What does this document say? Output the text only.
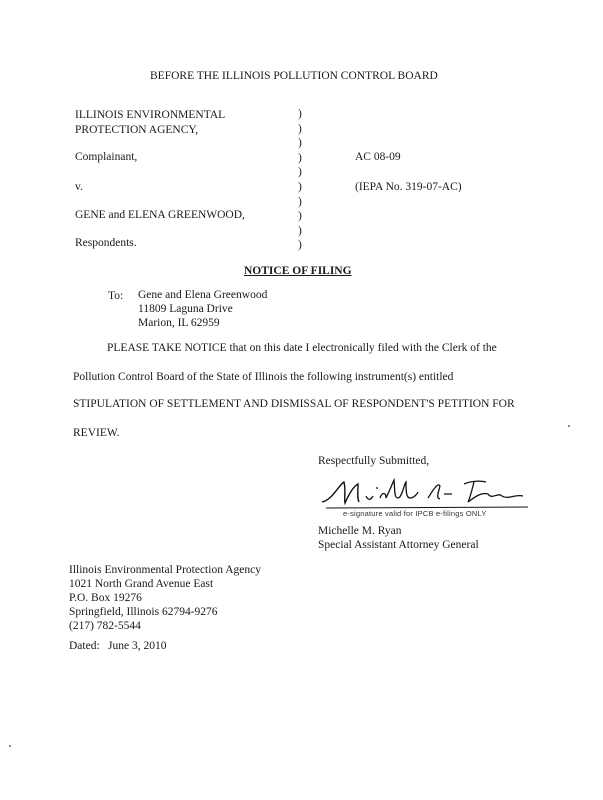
BEFORE THE ILLINOIS POLLUTION CONTROL BOARD
ILLINOIS ENVIRONMENTAL
PROTECTION AGENCY,
Complainant,
v.
GENE and ELENA GREENWOOD,
Respondents.
)
)
)
)
)
)
)
)
)
)
AC 08-09
(IEPA No. 319-07-AC)
NOTICE OF FILING
To: Gene and Elena Greenwood
11809 Laguna Drive
Marion, IL 62959
PLEASE TAKE NOTICE that on this date I electronically filed with the Clerk of the
Pollution Control Board of the State of Illinois the following instrument(s) entitled
STIPULATION OF SETTLEMENT AND DISMISSAL OF RESPONDENT'S PETITION FOR
REVIEW.
Respectfully Submitted,
e-signature valid for IPCB e-filings ONLY
Michelle M. Ryan
Special Assistant Attorney General
Illinois Environmental Protection Agency
1021 North Grand Avenue East
P.O. Box 19276
Springfield, Illinois 62794-9276
(217) 782-5544
Dated: June 3, 2010
